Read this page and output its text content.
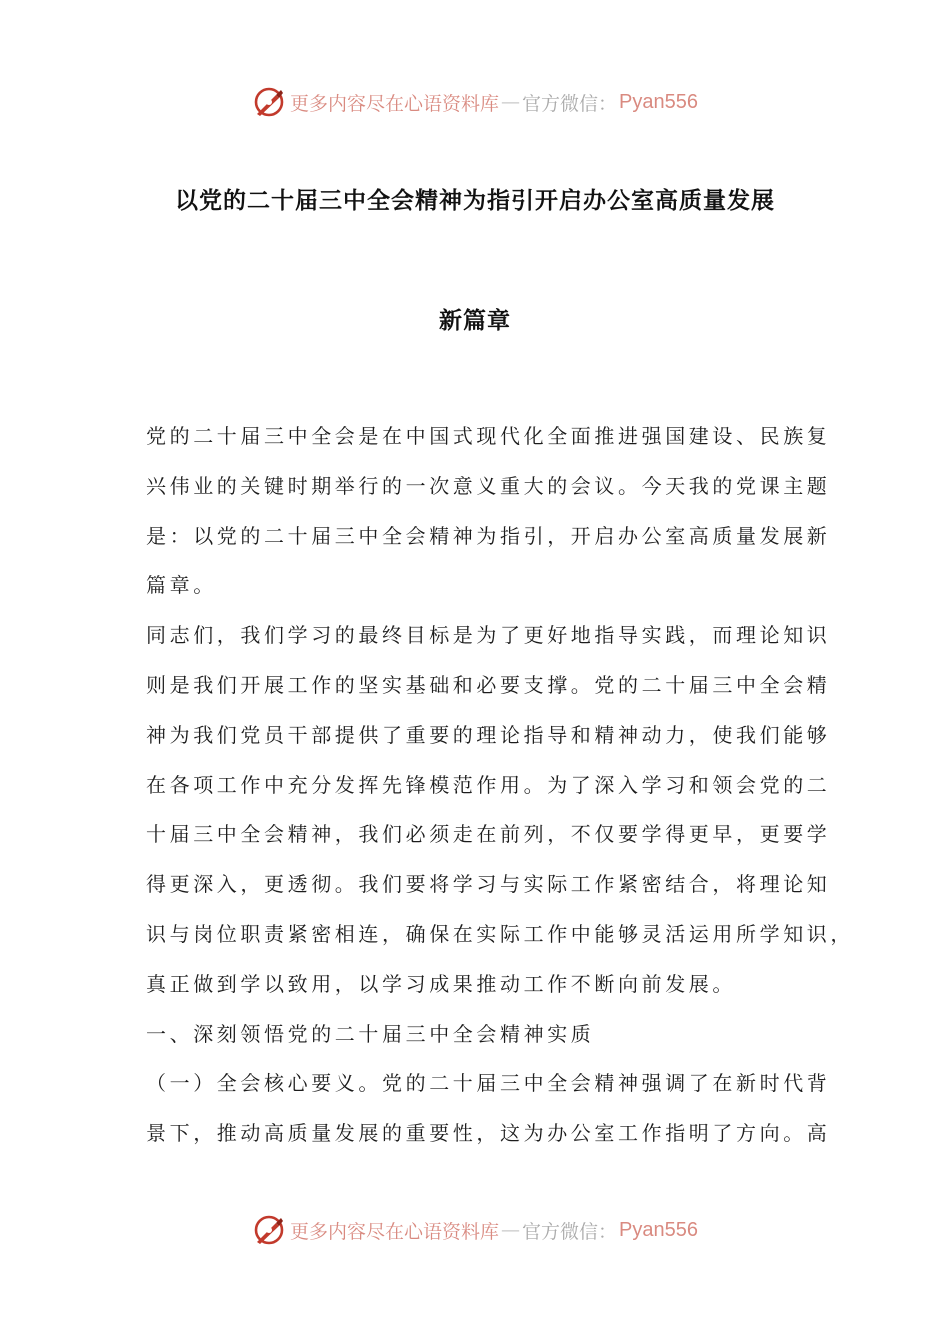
更多内容尽在心语资料库 — 官方微信： Pyan556
以党的二十届三中全会精神为指引开启办公室高质量发展
新篇章
党的二十届三中全会是在中国式现代化全面推进强国建设、民族复
兴伟业的关键时期举行的一次意义重大的会议。今天我的党课主题
是：以党的二十届三中全会精神为指引，开启办公室高质量发展新
篇章。
同志们，我们学习的最终目标是为了更好地指导实践，而理论知识
则是我们开展工作的坚实基础和必要支撑。党的二十届三中全会精
神为我们党员干部提供了重要的理论指导和精神动力，使我们能够
在各项工作中充分发挥先锋模范作用。为了深入学习和领会党的二
十届三中全会精神，我们必须走在前列，不仅要学得更早，更要学
得更深入，更透彻。我们要将学习与实际工作紧密结合，将理论知
识与岗位职责紧密相连，确保在实际工作中能够灵活运用所学知识，
真正做到学以致用，以学习成果推动工作不断向前发展。
一、深刻领悟党的二十届三中全会精神实质
（一）全会核心要义。党的二十届三中全会精神强调了在新时代背
景下，推动高质量发展的重要性，这为办公室工作指明了方向。高
更多内容尽在心语资料库 — 官方微信： Pyan556
